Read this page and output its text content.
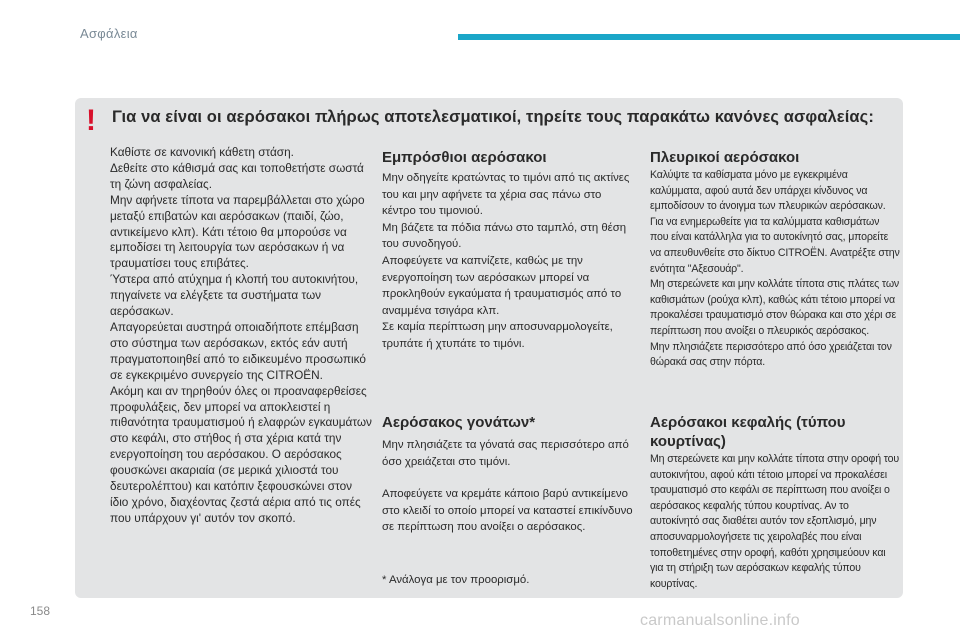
Ασφάλεια
! Για να είναι οι αερόσακοι πλήρως αποτελεσματικοί, τηρείτε τους παρακάτω κανόνες ασφαλείας:
Καθίστε σε κανονική κάθετη στάση.
Δεθείτε στο κάθισμά σας και τοποθετήστε σωστά τη ζώνη ασφαλείας.
Μην αφήνετε τίποτα να παρεμβάλλεται στο χώρο μεταξύ επιβατών και αερόσακων (παιδί, ζώο, αντικείμενο κλπ). Κάτι τέτοιο θα μπορούσε να εμποδίσει τη λειτουργία των αερόσακων ή να τραυματίσει τους επιβάτες.
Ύστερα από ατύχημα ή κλοπή του αυτοκινήτου, πηγαίνετε να ελέγξετε τα συστήματα των αερόσακων.
Απαγορεύεται αυστηρά οποιαδήποτε επέμβαση στο σύστημα των αερόσακων, εκτός εάν αυτή πραγματοποιηθεί από το ειδικευμένο προσωπικό σε εγκεκριμένο συνεργείο της CITROËN.
Ακόμη και αν τηρηθούν όλες οι προαναφερθείσες προφυλάξεις, δεν μπορεί να αποκλειστεί η πιθανότητα τραυματισμού ή ελαφρών εγκαυμάτων στο κεφάλι, στο στήθος ή στα χέρια κατά την ενεργοποίηση του αερόσακου. Ο αερόσακος φουσκώνει ακαριαία (σε μερικά χιλιοστά του δευτερολέπτου) και κατόπιν ξεφουσκώνει στον ίδιο χρόνο, διαχέοντας ζεστά αέρια από τις οπές που υπάρχουν γι' αυτόν τον σκοπό.
Εμπρόσθιοι αερόσακοι
Μην οδηγείτε κρατώντας το τιμόνι από τις ακτίνες του και μην αφήνετε τα χέρια σας πάνω στο κέντρο του τιμονιού.
Μη βάζετε τα πόδια πάνω στο ταμπλό, στη θέση του συνοδηγού.
Αποφεύγετε να καπνίζετε, καθώς με την ενεργοποίηση των αερόσακων μπορεί να προκληθούν εγκαύματα ή τραυματισμός από το αναμμένα τσιγάρα κλπ.
Σε καμία περίπτωση μην αποσυναρμολογείτε, τρυπάτε ή χτυπάτε το τιμόνι.
Αερόσακος γονάτων*
Μην πλησιάζετε τα γόνατά σας περισσότερο από όσο χρειάζεται στο τιμόνι.
Αποφεύγετε να κρεμάτε κάποιο βαρύ αντικείμενο στο κλειδί το οποίο μπορεί να καταστεί επικίνδυνο σε περίπτωση που ανοίξει ο αερόσακος.
* Ανάλογα με τον προορισμό.
Πλευρικοί αερόσακοι
Καλύψτε τα καθίσματα μόνο με εγκεκριμένα καλύμματα, αφού αυτά δεν υπάρχει κίνδυνος να εμποδίσουν το άνοιγμα των πλευρικών αερόσακων. Για να ενημερωθείτε για τα καλύμματα καθισμάτων που είναι κατάλληλα για το αυτοκίνητό σας, μπορείτε να απευθυνθείτε στο δίκτυο CITROËN. Ανατρέξτε στην ενότητα "Αξεσουάρ".
Μη στερεώνετε και μην κολλάτε τίποτα στις πλάτες των καθισμάτων (ρούχα κλπ), καθώς κάτι τέτοιο μπορεί να προκαλέσει τραυματισμό στον θώρακα και στο χέρι σε περίπτωση που ανοίξει ο πλευρικός αερόσακος.
Μην πλησιάζετε περισσότερο από όσο χρειάζεται τον θώρακά σας στην πόρτα.
Αερόσακοι κεφαλής (τύπου κουρτίνας)
Μη στερεώνετε και μην κολλάτε τίποτα στην οροφή του αυτοκινήτου, αφού κάτι τέτοιο μπορεί να προκαλέσει τραυματισμό στο κεφάλι σε περίπτωση που ανοίξει ο αερόσακος κεφαλής τύπου κουρτίνας. Αν το αυτοκίνητό σας διαθέτει αυτόν τον εξοπλισμό, μην αποσυναρμολογήσετε τις χειρολαβές που είναι τοποθετημένες στην οροφή, καθότι χρησιμεύουν και για τη στήριξη των αερόσακων κεφαλής τύπου κουρτίνας.
158
carmanualsonline.info
